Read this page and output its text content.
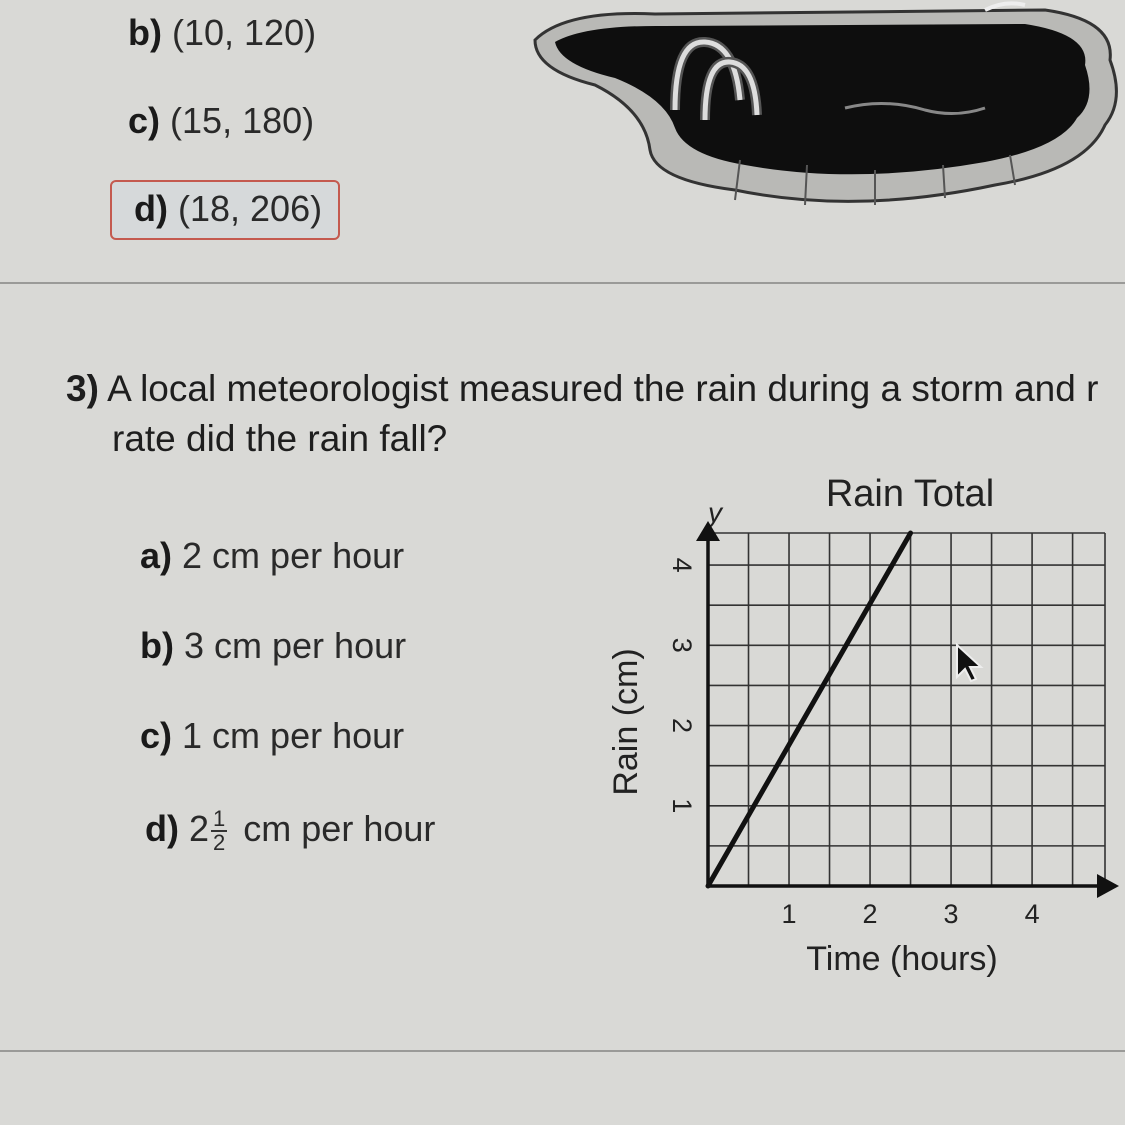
b) (10, 120)
c) (15, 180)
d) (18, 206)
3) A local meteorologist measured the rain during a storm and r
rate did the rain fall?
a) 2 cm per hour
b) 3 cm per hour
c) 1 cm per hour
d) $2 \frac{1}{2}$ cm per hour
Rain Total
y
Rain (cm)
Time (hours)
1 2 3 4
1
2
3
4
